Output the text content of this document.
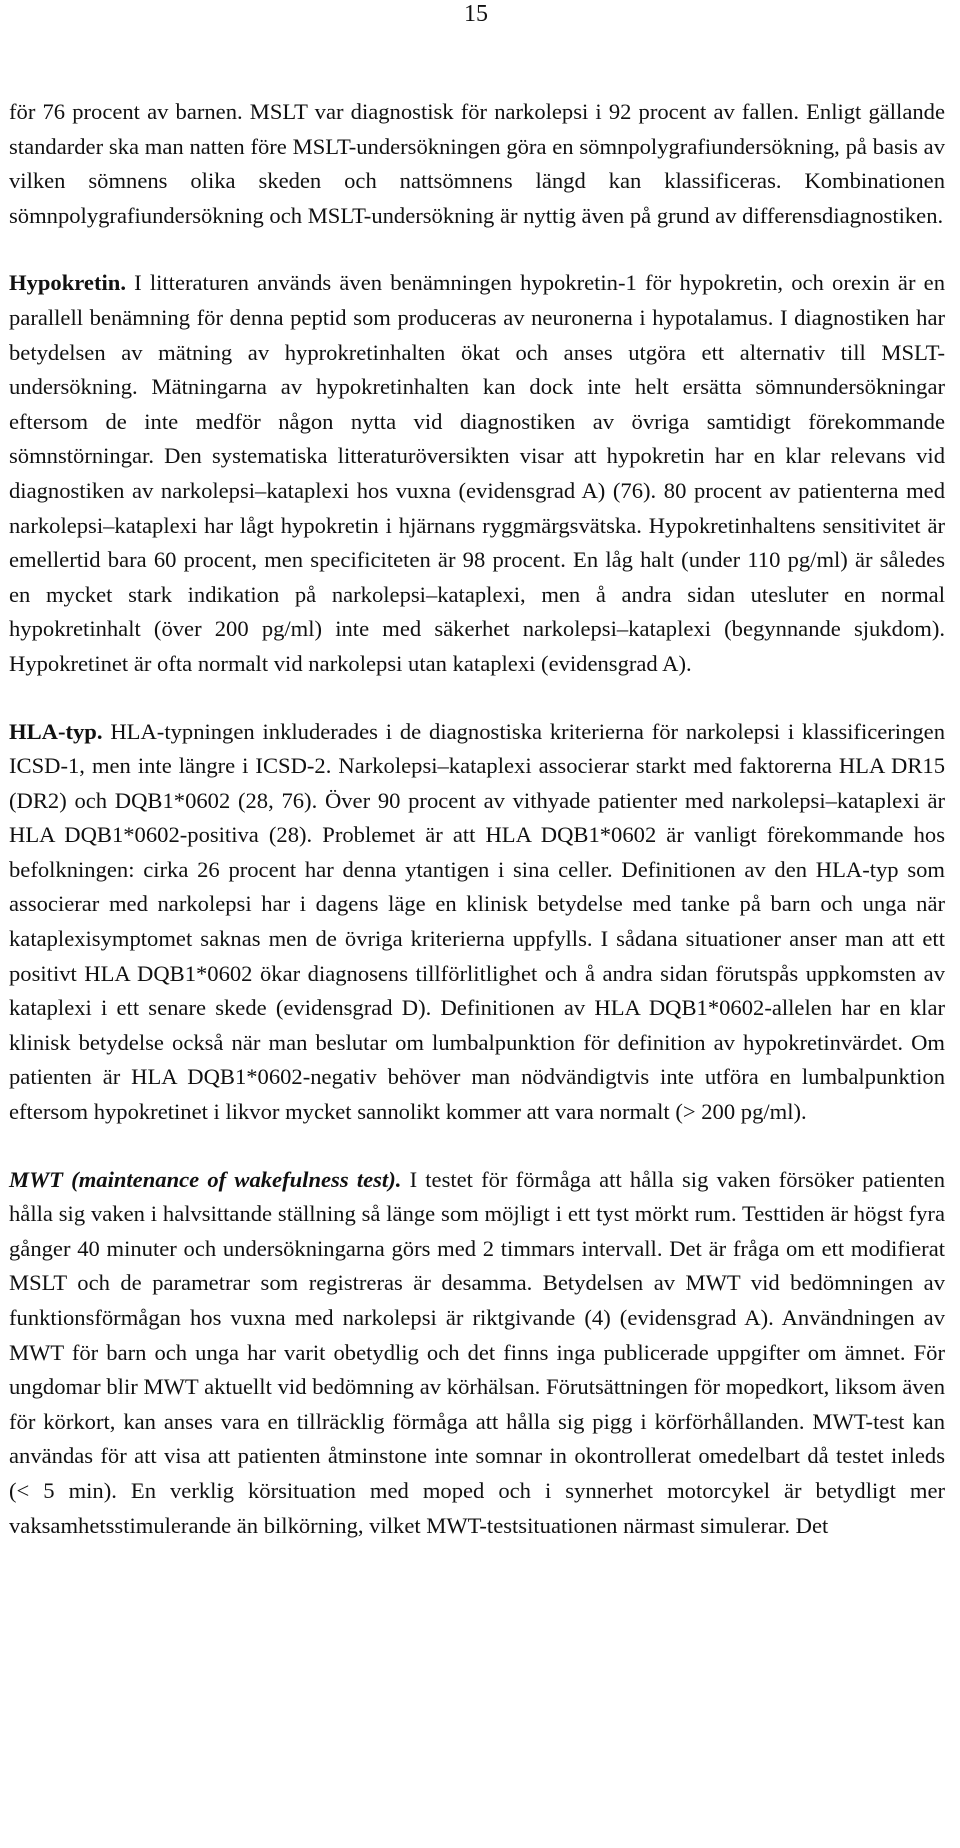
15

för 76 procent av barnen. MSLT var diagnostisk för narkolepsi i 92 procent av fallen. Enligt gällande standarder ska man natten före MSLT-undersökningen göra en sömnpolygrafiundersökning, på basis av vilken sömnens olika skeden och nattsömnens längd kan klassificeras. Kombinationen sömnpolygrafiundersökning och MSLT-undersökning är nyttig även på grund av differensdiagnostiken.

Hypokretin. I litteraturen används även benämningen hypokretin-1 för hypokretin, och orexin är en parallell benämning för denna peptid som produceras av neuronerna i hypotalamus. I diagnostiken har betydelsen av mätning av hyprokretinhalten ökat och anses utgöra ett alternativ till MSLT-undersökning. Mätningarna av hypokretinhalten kan dock inte helt ersätta sömnundersökningar eftersom de inte medför någon nytta vid diagnostiken av övriga samtidigt förekommande sömnstörningar. Den systematiska litteraturöversikten visar att hypokretin har en klar relevans vid diagnostiken av narkolepsi–kataplexi hos vuxna (evidensgrad A) (76). 80 procent av patienterna med narkolepsi–kataplexi har lågt hypokretin i hjärnans ryggmärgsvätska. Hypokretinhaltens sensitivitet är emellertid bara 60 procent, men specificiteten är 98 procent. En låg halt (under 110 pg/ml) är således en mycket stark indikation på narkolepsi–kataplexi, men å andra sidan utesluter en normal hypokretinhalt (över 200 pg/ml) inte med säkerhet narkolepsi–kataplexi (begynnande sjukdom). Hypokretinet är ofta normalt vid narkolepsi utan kataplexi (evidensgrad A).

HLA-typ. HLA-typningen inkluderades i de diagnostiska kriterierna för narkolepsi i klassificeringen ICSD-1, men inte längre i ICSD-2. Narkolepsi–kataplexi associerar starkt med faktorerna HLA DR15 (DR2) och DQB1*0602 (28, 76). Över 90 procent av vithyade patienter med narkolepsi–kataplexi är HLA DQB1*0602-positiva (28). Problemet är att HLA DQB1*0602 är vanligt förekommande hos befolkningen: cirka 26 procent har denna ytantigen i sina celler. Definitionen av den HLA-typ som associerar med narkolepsi har i dagens läge en klinisk betydelse med tanke på barn och unga när kataplexisymptomet saknas men de övriga kriterierna uppfylls. I sådana situationer anser man att ett positivt HLA DQB1*0602 ökar diagnosens tillförlitlighet och å andra sidan förutspås uppkomsten av kataplexi i ett senare skede (evidensgrad D). Definitionen av HLA DQB1*0602-allelen har en klar klinisk betydelse också när man beslutar om lumbalpunktion för definition av hypokretinvärdet. Om patienten är HLA DQB1*0602-negativ behöver man nödvändigtvis inte utföra en lumbalpunktion eftersom hypokretinet i likvor mycket sannolikt kommer att vara normalt (> 200 pg/ml).

MWT (maintenance of wakefulness test). I testet för förmåga att hålla sig vaken försöker patienten hålla sig vaken i halvsittande ställning så länge som möjligt i ett tyst mörkt rum. Testtiden är högst fyra gånger 40 minuter och undersökningarna görs med 2 timmars intervall. Det är fråga om ett modifierat MSLT och de parametrar som registreras är desamma. Betydelsen av MWT vid bedömningen av funktionsförmågan hos vuxna med narkolepsi är riktgivande (4) (evidensgrad A). Användningen av MWT för barn och unga har varit obetydlig och det finns inga publicerade uppgifter om ämnet. För ungdomar blir MWT aktuellt vid bedömning av körhälsan. Förutsättningen för mopedkort, liksom även för körkort, kan anses vara en tillräcklig förmåga att hålla sig pigg i körförhållanden. MWT-test kan användas för att visa att patienten åtminstone inte somnar in okontrollerat omedelbart då testet inleds (< 5 min). En verklig körsituation med moped och i synnerhet motorcykel är betydligt mer vaksamhetsstimulerande än bilkörning, vilket MWT-testsituationen närmast simulerar. Det
